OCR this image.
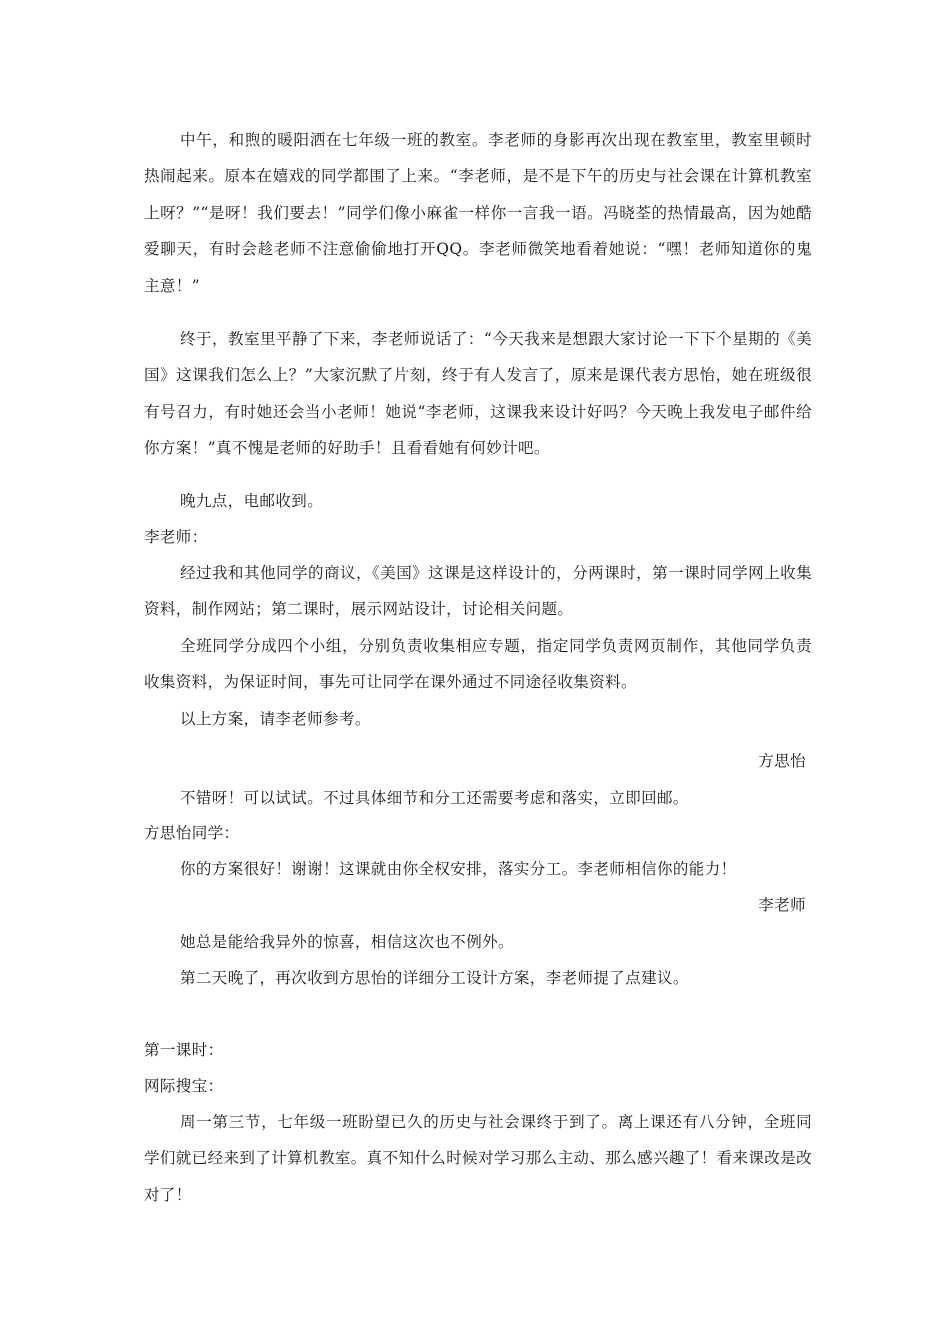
中午，和煦的暖阳洒在七年级一班的教室。李老师的身影再次出现在教室里，教室里顿时热闹起来。原本在嬉戏的同学都围了上来。“李老师，是不是下午的历史与社会课在计算机教室上呀？”“是呀！我们要去！”同学们像小麻雀一样你一言我一语。冯晓荃的热情最高，因为她酷爱聊天，有时会趁老师不注意偷偷地打开QQ。李老师微笑地看着她说：“嘿！老师知道你的鬼主意！”

终于，教室里平静了下来，李老师说话了：“今天我来是想跟大家讨论一下下个星期的《美国》这课我们怎么上？”大家沉默了片刻，终于有人发言了，原来是课代表方思怡，她在班级很有号召力，有时她还会当小老师！她说“李老师，这课我来设计好吗？今天晚上我发电子邮件给你方案！”真不愧是老师的好助手！且看看她有何妙计吧。

晚九点，电邮收到。

李老师：

经过我和其他同学的商议，《美国》这课是这样设计的，分两课时，第一课时同学网上收集资料，制作网站；第二课时，展示网站设计，讨论相关问题。

全班同学分成四个小组，分别负责收集相应专题，指定同学负责网页制作，其他同学负责收集资料，为保证时间，事先可让同学在课外通过不同途径收集资料。

以上方案，请李老师参考。

方思怡

不错呀！可以试试。不过具体细节和分工还需要考虑和落实，立即回邮。

方思怡同学：

你的方案很好！谢谢！这课就由你全权安排，落实分工。李老师相信你的能力！

李老师

她总是能给我异外的惊喜，相信这次也不例外。

第二天晚了，再次收到方思怡的详细分工设计方案，李老师提了点建议。

第一课时：

网际搜宝：

周一第三节，七年级一班盼望已久的历史与社会课终于到了。离上课还有八分钟，全班同学们就已经来到了计算机教室。真不知什么时候对学习那么主动、那么感兴趣了！看来课改是改对了！
